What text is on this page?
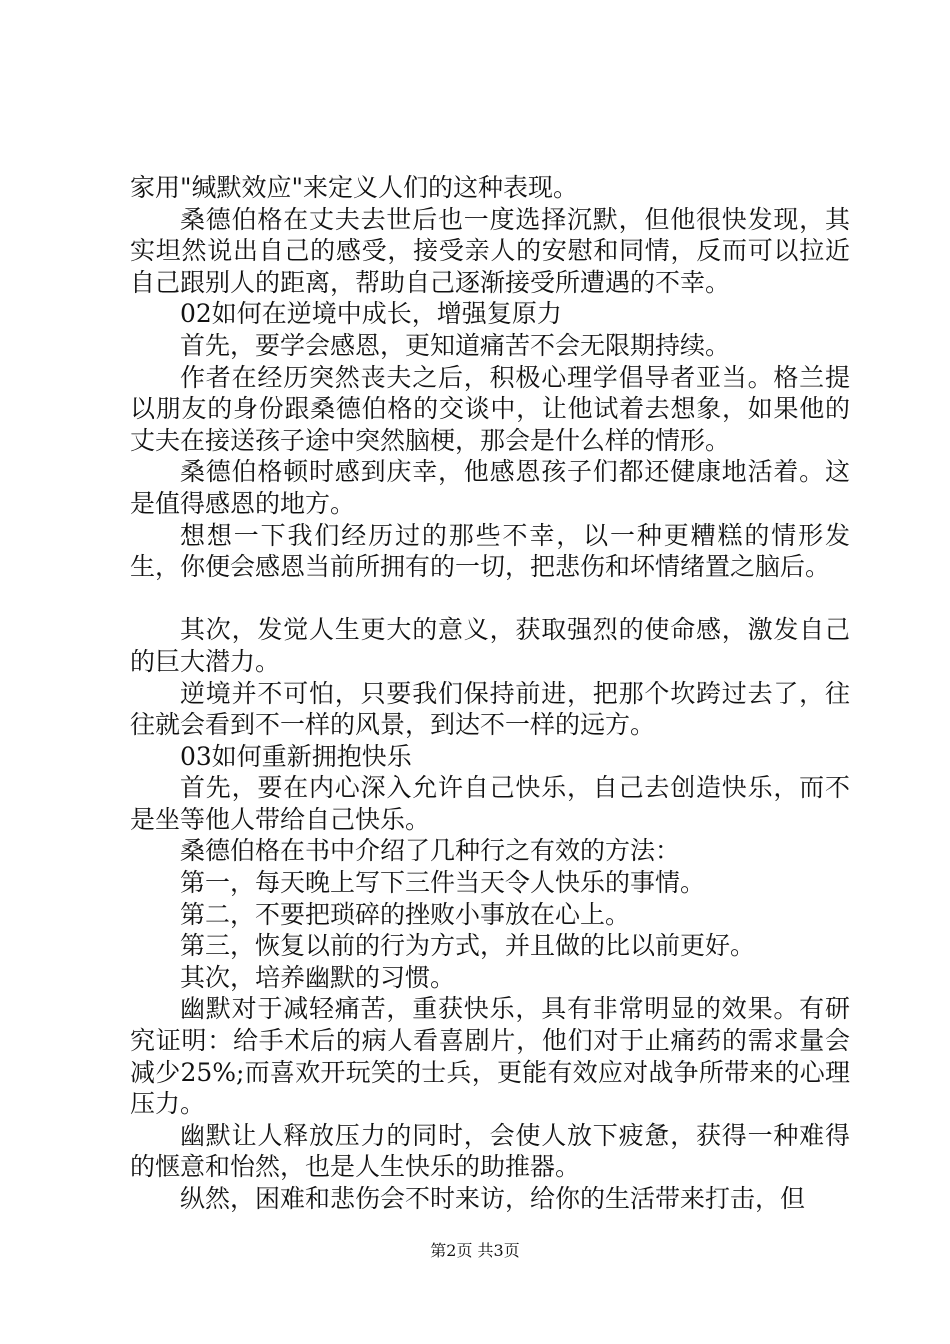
家用"缄默效应"来定义人们的这种表现。

桑德伯格在丈夫去世后也一度选择沉默，但他很快发现，其实坦然说出自己的感受，接受亲人的安慰和同情，反而可以拉近自己跟别人的距离，帮助自己逐渐接受所遭遇的不幸。

02如何在逆境中成长，增强复原力

首先，要学会感恩，更知道痛苦不会无限期持续。

作者在经历突然丧夫之后，积极心理学倡导者亚当。格兰提以朋友的身份跟桑德伯格的交谈中，让他试着去想象，如果他的丈夫在接送孩子途中突然脑梗，那会是什么样的情形。

桑德伯格顿时感到庆幸，他感恩孩子们都还健康地活着。这是值得感恩的地方。

想想一下我们经历过的那些不幸，以一种更糟糕的情形发生，你便会感恩当前所拥有的一切，把悲伤和坏情绪置之脑后。

其次，发觉人生更大的意义，获取强烈的使命感，激发自己的巨大潜力。

逆境并不可怕，只要我们保持前进，把那个坎跨过去了，往往就会看到不一样的风景，到达不一样的远方。

03如何重新拥抱快乐

首先，要在内心深入允许自己快乐，自己去创造快乐，而不是坐等他人带给自己快乐。

桑德伯格在书中介绍了几种行之有效的方法：

第一，每天晚上写下三件当天令人快乐的事情。

第二，不要把琐碎的挫败小事放在心上。

第三，恢复以前的行为方式，并且做的比以前更好。

其次，培养幽默的习惯。

幽默对于减轻痛苦，重获快乐，具有非常明显的效果。有研究证明：给手术后的病人看喜剧片，他们对于止痛药的需求量会减少25%;而喜欢开玩笑的士兵，更能有效应对战争所带来的心理压力。

幽默让人释放压力的同时，会使人放下疲惫，获得一种难得的惬意和怡然，也是人生快乐的助推器。

纵然，困难和悲伤会不时来访，给你的生活带来打击，但

第2页 共3页
